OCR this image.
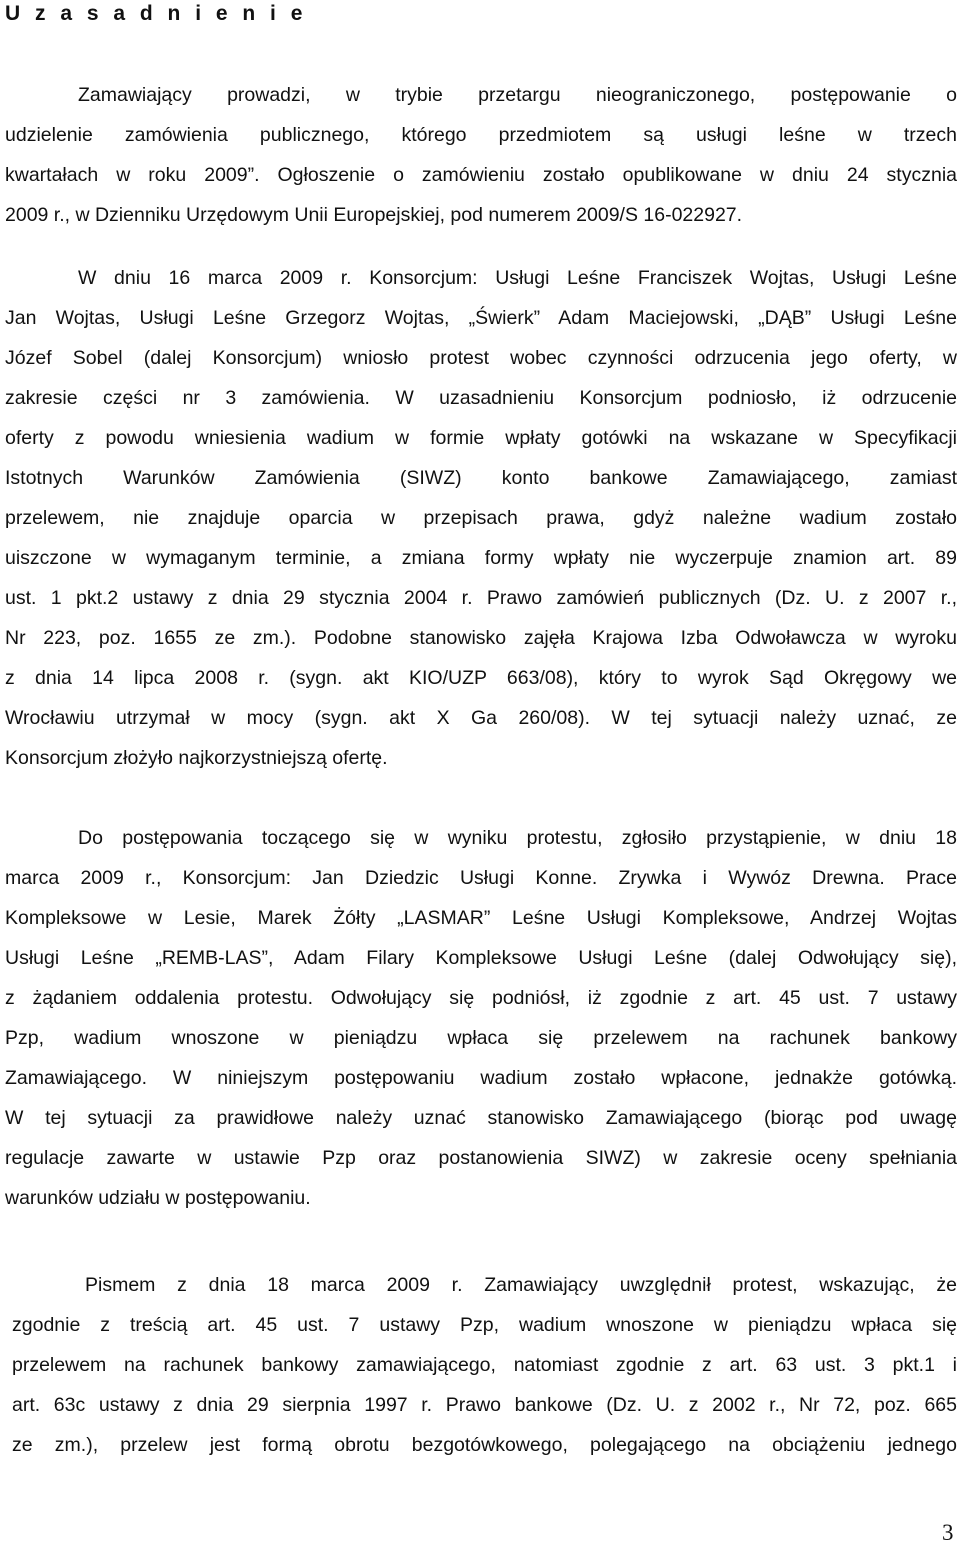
U z a s a d n i e n i e
Zamawiający prowadzi, w trybie przetargu nieograniczonego, postępowanie o
udzielenie zamówienia publicznego, którego przedmiotem są usługi leśne w trzech
kwartałach w roku 2009”. Ogłoszenie o zamówieniu zostało opublikowane w dniu 24 stycznia
2009 r., w Dzienniku Urzędowym Unii Europejskiej, pod numerem 2009/S 16-022927.
W dniu 16 marca 2009 r. Konsorcjum: Usługi Leśne Franciszek Wojtas, Usługi Leśne
Jan Wojtas, Usługi Leśne Grzegorz Wojtas, „Świerk” Adam Maciejowski, „DĄB” Usługi Leśne
Józef Sobel (dalej Konsorcjum) wniosło protest wobec czynności odrzucenia jego oferty, w
zakresie części nr 3 zamówienia. W uzasadnieniu Konsorcjum podniosło, iż odrzucenie
oferty z powodu wniesienia wadium w formie wpłaty gotówki na wskazane w Specyfikacji
Istotnych Warunków Zamówienia (SIWZ) konto bankowe Zamawiającego, zamiast
przelewem, nie znajduje oparcia w przepisach prawa, gdyż należne wadium zostało
uiszczone w wymaganym terminie, a zmiana formy wpłaty nie wyczerpuje znamion art. 89
ust. 1 pkt.2 ustawy z dnia 29 stycznia 2004 r. Prawo zamówień publicznych (Dz. U. z 2007 r.,
Nr 223, poz. 1655 ze zm.). Podobne stanowisko zajęła Krajowa Izba Odwoławcza w wyroku
z dnia 14 lipca 2008 r. (sygn. akt KIO/UZP 663/08), który to wyrok Sąd Okręgowy we
Wrocławiu utrzymał w mocy (sygn. akt X Ga 260/08). W tej sytuacji należy uznać, ze
Konsorcjum złożyło najkorzystniejszą ofertę.
Do postępowania toczącego się w wyniku protestu, zgłosiło przystąpienie, w dniu 18
marca 2009 r., Konsorcjum: Jan Dziedzic Usługi Konne. Zrywka i Wywóz Drewna. Prace
Kompleksowe w Lesie, Marek Żółty „LASMAR” Leśne Usługi Kompleksowe, Andrzej Wojtas
Usługi Leśne „REMB-LAS”, Adam Filary Kompleksowe Usługi Leśne (dalej Odwołujący się),
z żądaniem oddalenia protestu. Odwołujący się podniósł, iż zgodnie z art. 45 ust. 7 ustawy
Pzp, wadium wnoszone w pieniądzu wpłaca się przelewem na rachunek bankowy
Zamawiającego. W niniejszym postępowaniu wadium zostało wpłacone, jednakże gotówką.
W tej sytuacji za prawidłowe należy uznać stanowisko Zamawiającego (biorąc pod uwagę
regulacje zawarte w ustawie Pzp oraz postanowienia SIWZ) w zakresie oceny spełniania
warunków udziału w postępowaniu.
Pismem z dnia 18 marca 2009 r. Zamawiający uwzględnił protest, wskazując, że
zgodnie z treścią art. 45 ust. 7 ustawy Pzp, wadium wnoszone w pieniądzu wpłaca się
przelewem na rachunek bankowy zamawiającego, natomiast zgodnie z art. 63 ust. 3 pkt.1 i
art. 63c ustawy z dnia 29 sierpnia 1997 r. Prawo bankowe (Dz. U. z 2002 r., Nr 72, poz. 665
ze zm.), przelew jest formą obrotu bezgotówkowego, polegającego na obciążeniu jednego
3
